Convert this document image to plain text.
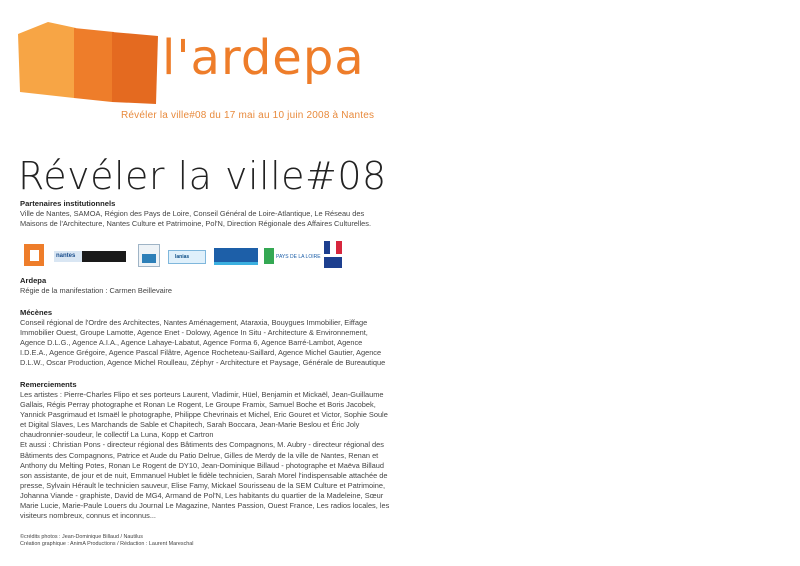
l'ardepa
Révéler la ville#08 du 17 mai au 10 juin 2008 à Nantes
Révéler la ville#08
Partenaires institutionnels

Ville de Nantes, SAMOA, Région des Pays de Loire, Conseil Général de Loire-Atlantique, Le Réseau des Maisons de l'Architecture, Nantes Culture et Patrimoine, Pol'N, Direction Régionale des Affaires Culturelles.

nantes	lanias	PAYS DE LA LOIRE
Ardepa

Régie de la manifestation : Carmen Beillevaire

Mécènes

Conseil régional de l'Ordre des Architectes, Nantes Aménagement, Ataraxia, Bouygues Immobilier, Eiffage Immobilier Ouest, Groupe Lamotte, Agence Enet - Dolowy, Agence In Situ - Architecture & Environnement, Agence D.L.G., Agence A.I.A., Agence Lahaye-Labatut, Agence Forma 6, Agence Barré-Lambot, Agence I.D.E.A., Agence Grégoire, Agence Pascal Filâtre, Agence Rocheteau-Saillard, Agence Michel Gautier, Agence D.L.W., Oscar Production, Agence Michel Roulleau, Zéphyr - Architecture et Paysage, Générale de Bureautique

Remerciements

Les artistes : Pierre-Charles Flipo et ses porteurs Laurent, Vladimir, Hüel, Benjamin et Mickaël, Jean-Guillaume Gallais, Régis Perray photographe et Ronan Le Rogent, Le Groupe Framix, Samuel Boche et Boris Jacobek, Yannick Pasgrimaud et Ismaël le photographe, Philippe Chevrinais et Michel, Eric Gouret et Victor, Sophie Soule et Digital Slaves, Les Marchands de Sable et Chapitech, Sarah Boccara, Jean-Marie Beslou et Éric Joly chaudronnier-soudeur, le collectif La Luna, Kopp et Cartron

Et aussi : Christian Pons - directeur régional des Bâtiments des Compagnons, M. Aubry - directeur régional des Bâtiments des Compagnons, Patrice et Aude du Patio Delrue, Gilles de Merdy de la ville de Nantes, Renan et Anthony du Melting Potes, Ronan Le Rogent de DY10, Jean-Dominique Billaud - photographe et Maëva Billaud son assistante, de jour et de nuit, Emmanuel Hublet le fidèle technicien, Sarah Morel l'indispensable attachée de presse, Sylvain Hérault le technicien sauveur, Elise Famy, Mickael Sourisseau de la SEM Culture et Patrimoine, Johanna Viande - graphiste, David de MG4, Armand de Pol'N, Les habitants du quartier de la Madeleine, Sœur Marie Lucie, Marie-Paule Louers du Journal Le Magazine, Nantes Passion, Ouest France, Les radios locales, les visiteurs nombreux, connus et inconnus...

©crédits photos : Jean-Dominique Billaud / Nautilus
Création graphique : AnimA Productions / Rédaction : Laurent Mareschal
